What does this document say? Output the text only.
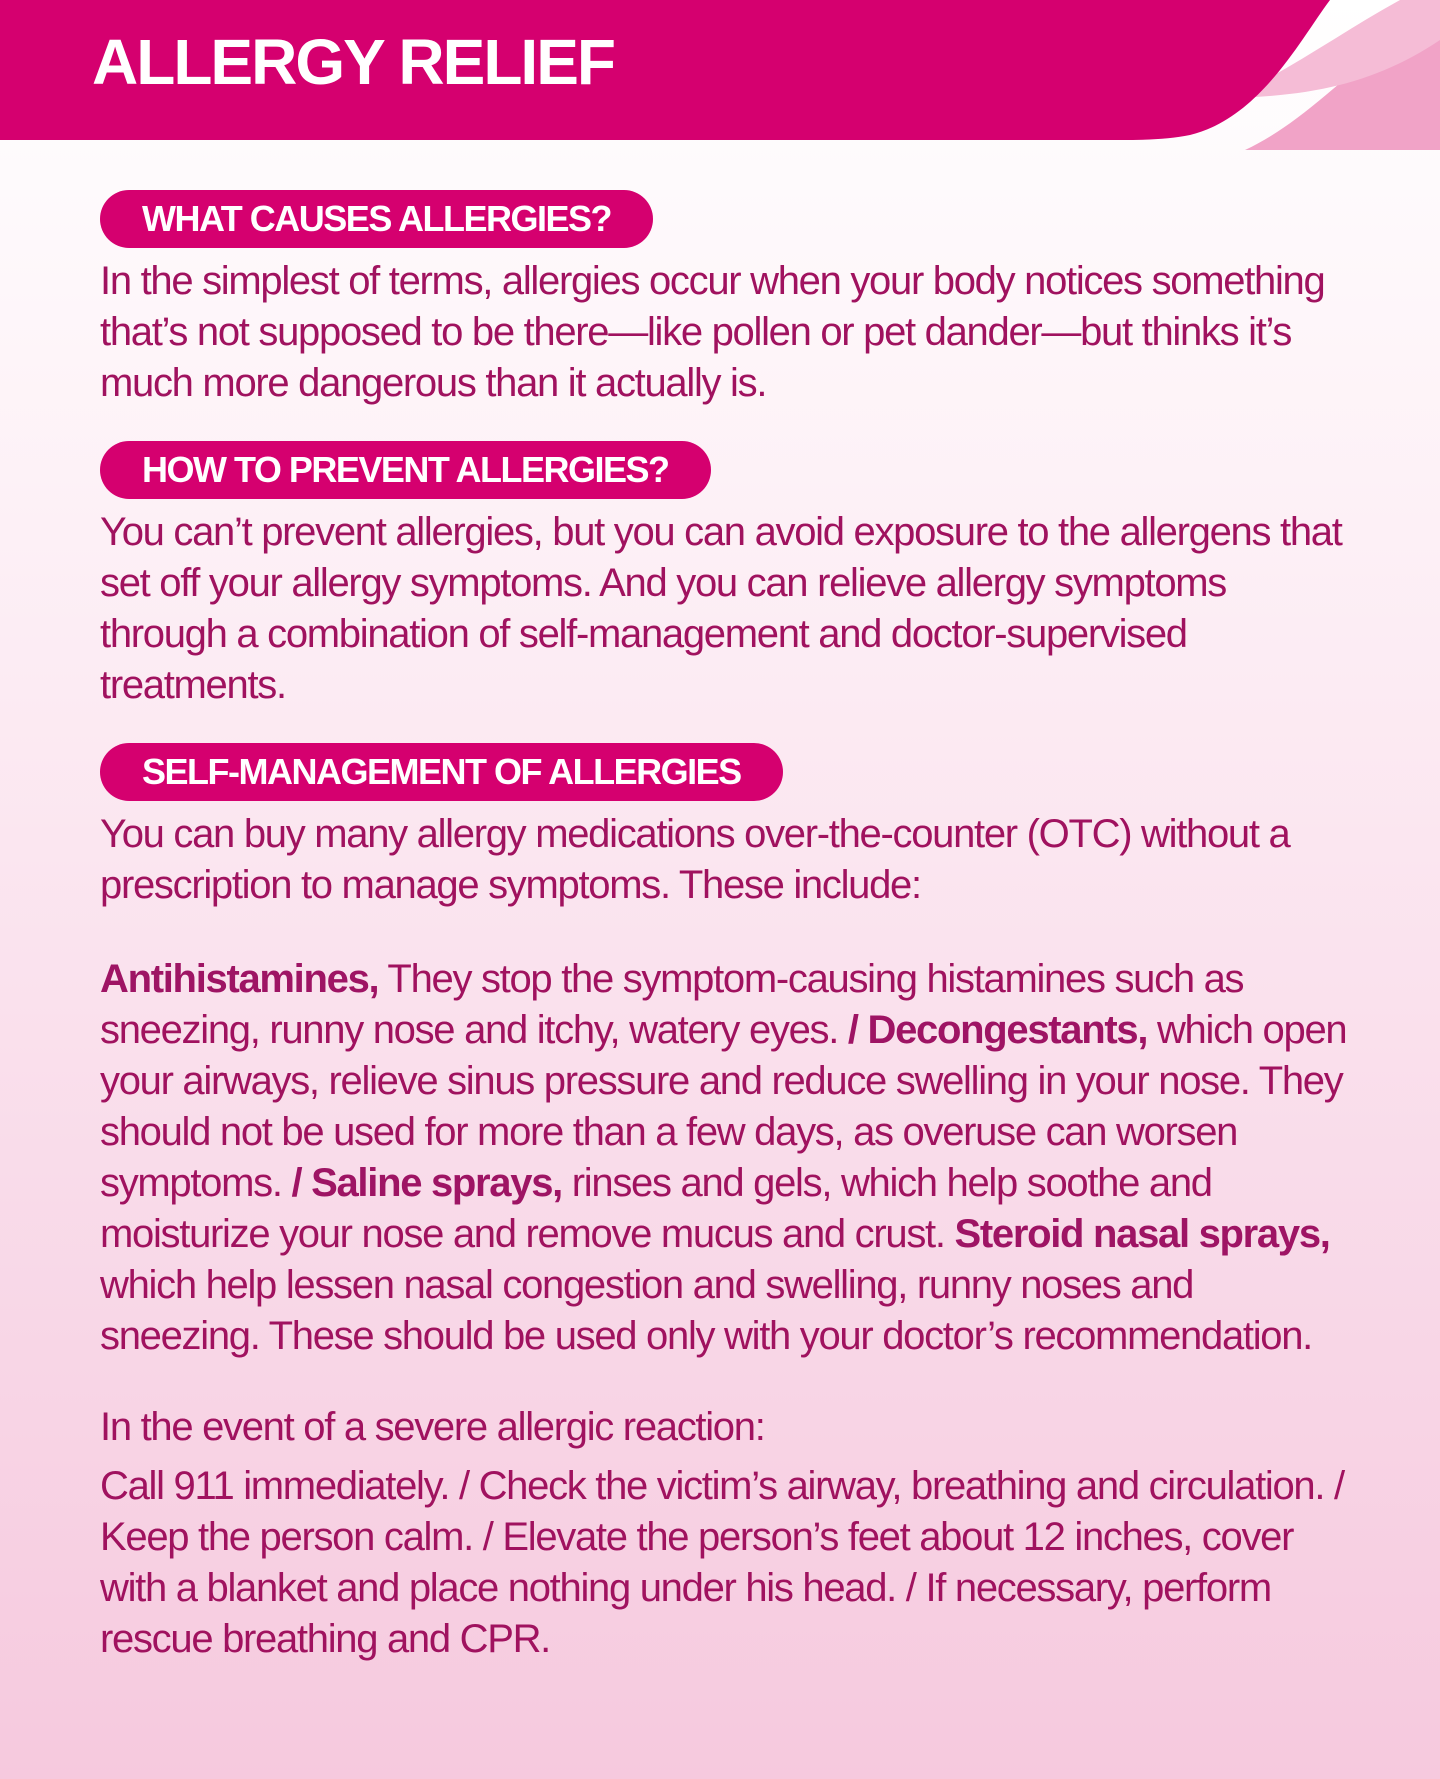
ALLERGY RELIEF
WHAT CAUSES ALLERGIES?

In the simplest of terms, allergies occur when your body notices something that’s not supposed to be there—like pollen or pet dander—but thinks it’s much more dangerous than it actually is.

HOW TO PREVENT ALLERGIES?

You can’t prevent allergies, but you can avoid exposure to the allergens that set off your allergy symptoms. And you can relieve allergy symptoms through a combination of self-management and doctor-supervised treatments.

SELF-MANAGEMENT OF ALLERGIES

You can buy many allergy medications over-the-counter (OTC) without a prescription to manage symptoms. These include:

Antihistamines, They stop the symptom-causing histamines such as sneezing, runny nose and itchy, watery eyes. / Decongestants, which open your airways, relieve sinus pressure and reduce swelling in your nose. They should not be used for more than a few days, as overuse can worsen symptoms. / Saline sprays, rinses and gels, which help soothe and moisturize your nose and remove mucus and crust. Steroid nasal sprays, which help lessen nasal congestion and swelling, runny noses and sneezing. These should be used only with your doctor’s recommendation.

In the event of a severe allergic reaction:

Call 911 immediately. / Check the victim’s airway, breathing and circulation. / Keep the person calm. / Elevate the person’s feet about 12 inches, cover with a blanket and place nothing under his head. / If necessary, perform rescue breathing and CPR.
